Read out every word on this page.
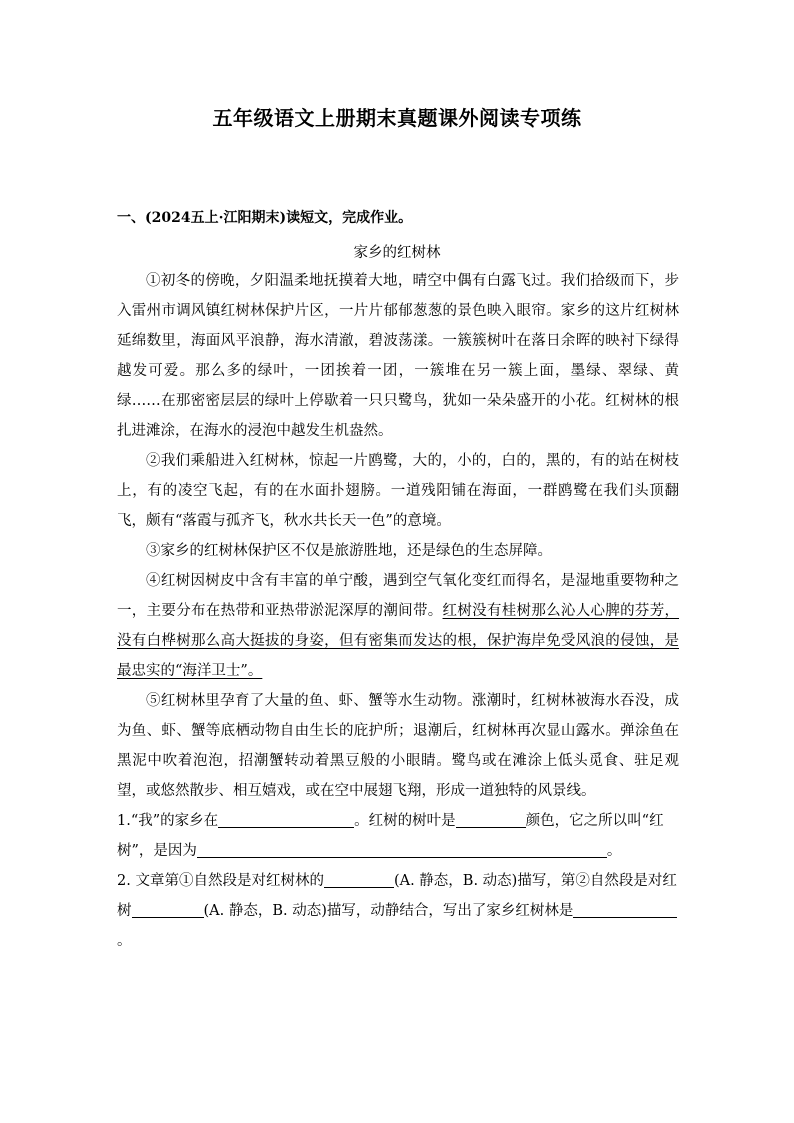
五年级语文上册期末真题课外阅读专项练
一、(2024五上·江阳期末)读短文，完成作业。
家乡的红树林

①初冬的傍晚，夕阳温柔地抚摸着大地，晴空中偶有白露飞过。我们拾级而下，步入雷州市调风镇红树林保护片区，一片片郁郁葱葱的景色映入眼帘。家乡的这片红树林延绵数里，海面风平浪静，海水清澈，碧波荡漾。一簇簇树叶在落日余晖的映衬下绿得越发可爱。那么多的绿叶，一团挨着一团，一簇堆在另一簇上面，墨绿、翠绿、黄绿……在那密密层层的绿叶上停歇着一只只鹭鸟，犹如一朵朵盛开的小花。红树林的根扎进滩涂，在海水的浸泡中越发生机盎然。

②我们乘船进入红树林，惊起一片鸥鹭，大的，小的，白的，黑的，有的站在树枝上，有的凌空飞起，有的在水面扑翅膀。一道残阳铺在海面，一群鸥鹭在我们头顶翻飞，颇有“落霞与孤齐飞，秋水共长天一色”的意境。

③家乡的红树林保护区不仅是旅游胜地，还是绿色的生态屏障。

④红树因树皮中含有丰富的单宁酸，遇到空气氧化变红而得名，是湿地重要物种之一，主要分布在热带和亚热带淤泥深厚的潮间带。红树没有桂树那么沁人心脾的芬芳，没有白桦树那么高大挺拔的身姿，但有密集而发达的根，保护海岸免受风浪的侵蚀，是最忠实的“海洋卫士”。

⑤红树林里孕育了大量的鱼、虾、蟹等水生动物。涨潮时，红树林被海水吞没，成为鱼、虾、蟹等底栖动物自由生长的庇护所；退潮后，红树林再次显山露水。弹涂鱼在黑泥中吹着泡泡，招潮蟹转动着黑豆般的小眼睛。鹭鸟或在滩涂上低头觅食、驻足观望，或悠然散步、相互嬉戏，或在空中展翅飞翔，形成一道独特的风景线。

1.“我”的家乡在	。红树的树叶是	颜色，它之所以叫“红树”，是因为	。

2. 文章第①自然段是对红树林的	(A. 静态，B. 动态)描写，第②自然段是对红树	(A. 静态，B. 动态)描写，动静结合，写出了家乡红树林是。
